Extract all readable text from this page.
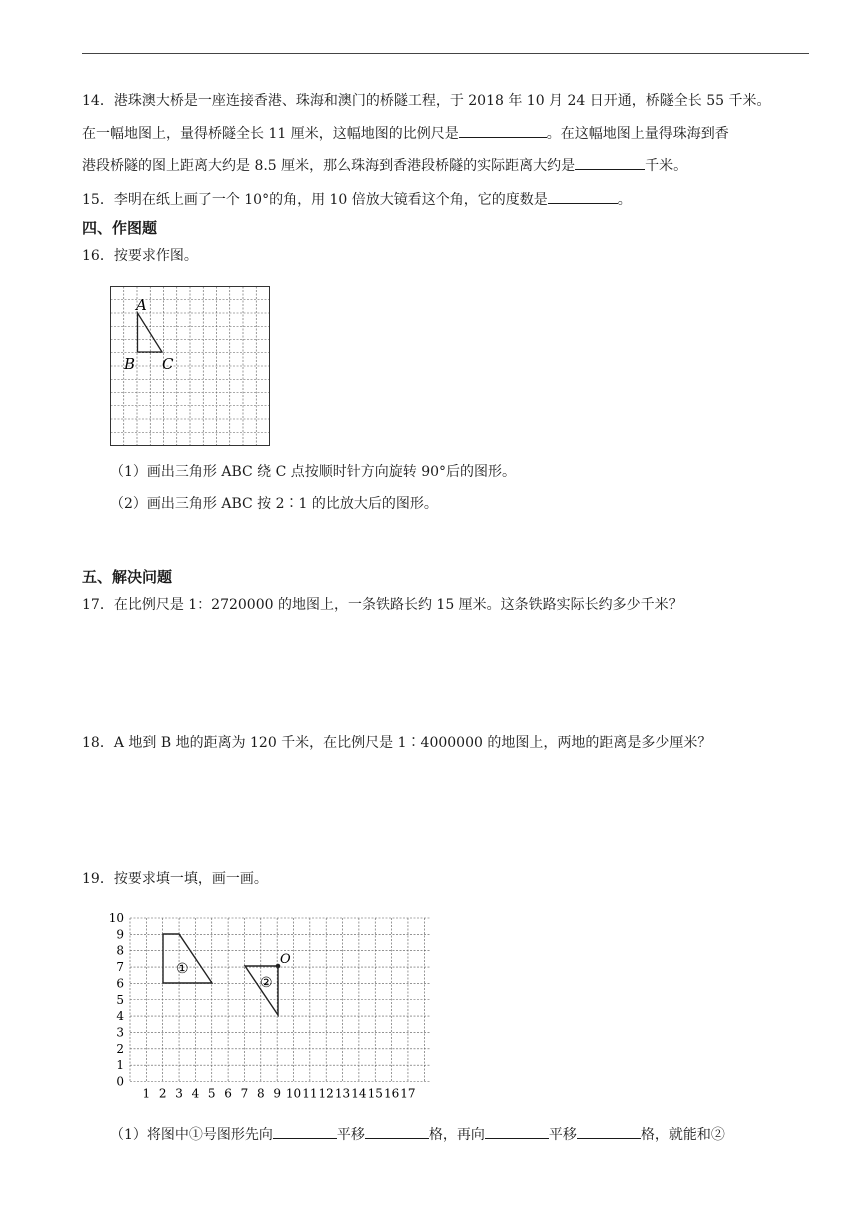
14．港珠澳大桥是一座连接香港、珠海和澳门的桥隧工程，于 2018 年 10 月 24 日开通，桥隧全长 55 千米。
在一幅地图上，量得桥隧全长 11 厘米，这幅地图的比例尺是	。在这幅地图上量得珠海到香
港段桥隧的图上距离大约是 8.5 厘米，那么珠海到香港段桥隧的实际距离大约是	千米。
15．李明在纸上画了一个 10°的角，用 10 倍放大镜看这个角，它的度数是	。
四、作图题
16．按要求作图。
A
B C
（1）画出三角形 ABC 绕 C 点按顺时针方向旋转 90°后的图形。
（2）画出三角形 ABC 按 2∶1 的比放大后的图形。
五、解决问题
17．在比例尺是 1：2720000 的地图上，一条铁路长约 15 厘米。这条铁路实际长约多少千米？
18．A 地到 B 地的距离为 120 千米，在比例尺是 1∶4000000 的地图上，两地的距离是多少厘米？
19．按要求填一填，画一画。
10
9
8
7
6
5
4
3
2
1
0
1 2 3 4 5 6 7 8 9 10 11 12 13 14 15 16 17
O
①
②
（1）将图中①号图形先向	平移	格，再向	平移	格，就能和②
